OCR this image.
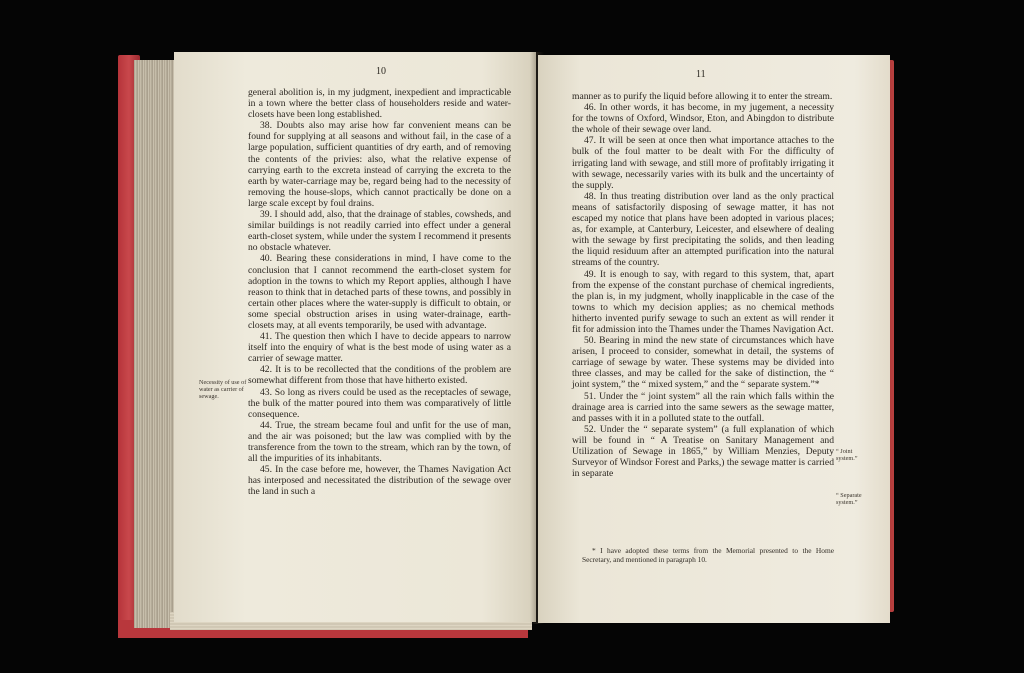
10

general abolition is, in my judgment, inexpedient and impracticable in a town where the better class of householders reside and water-closets have been long established.

38. Doubts also may arise how far convenient means can be found for supplying at all seasons and without fail, in the case of a large population, sufficient quantities of dry earth, and of removing the contents of the privies: also, what the relative expense of carrying earth to the excreta instead of carrying the excreta to the earth by water-carriage may be, regard being had to the necessity of removing the house-slops, which cannot practically be done on a large scale except by foul drains.

39. I should add, also, that the drainage of stables, cowsheds, and similar buildings is not readily carried into effect under a general earth-closet system, while under the system I recommend it presents no obstacle whatever.

40. Bearing these considerations in mind, I have come to the conclusion that I cannot recommend the earth-closet system for adoption in the towns to which my Report applies, although I have reason to think that in detached parts of these towns, and possibly in certain other places where the water-supply is difficult to obtain, or some special obstruction arises in using water-drainage, earth-closets may, at all events temporarily, be used with advantage.

41. The question then which I have to decide appears to narrow itself into the enquiry of what is the best mode of using water as a carrier of sewage matter.

42. It is to be recollected that the conditions of the problem are somewhat different from those that have hitherto existed.

43. So long as rivers could be used as the receptacles of sewage, the bulk of the matter poured into them was comparatively of little consequence.

44. True, the stream became foul and unfit for the use of man, and the air was poisoned; but the law was complied with by the transference from the town to the stream, which ran by the town, of all the impurities of its inhabitants.

45. In the case before me, however, the Thames Navigation Act has interposed and necessitated the distribution of the sewage over the land in such a

Necessity of use of water as carrier of sewage.
11

manner as to purify the liquid before allowing it to enter the stream.

46. In other words, it has become, in my jugement, a necessity for the towns of Oxford, Windsor, Eton, and Abingdon to distribute the whole of their sewage over land.

47. It will be seen at once then what importance attaches to the bulk of the foul matter to be dealt with For the difficulty of irrigating land with sewage, and still more of profitably irrigating it with sewage, necessarily varies with its bulk and the uncertainty of the supply.

48. In thus treating distribution over land as the only practical means of satisfactorily disposing of sewage matter, it has not escaped my notice that plans have been adopted in various places; as, for example, at Canterbury, Leicester, and elsewhere of dealing with the sewage by first precipitating the solids, and then leading the liquid residuum after an attempted purification into the natural streams of the country.

49. It is enough to say, with regard to this system, that, apart from the expense of the constant purchase of chemical ingredients, the plan is, in my judgment, wholly inapplicable in the case of the towns to which my decision applies; as no chemical methods hitherto invented purify sewage to such an extent as will render it fit for admission into the Thames under the Thames Navigation Act.

50. Bearing in mind the new state of circumstances which have arisen, I proceed to consider, somewhat in detail, the systems of carriage of sewage by water. These systems may be divided into three classes, and may be called for the sake of distinction, the “ joint system,” the “ mixed system,” and the “ separate system.”*

51. Under the “ joint system” all the rain which falls within the drainage area is carried into the same sewers as the sewage matter, and passes with it in a polluted state to the outfall.

52. Under the “ separate system” (a full explanation of which will be found in “ A Treatise on Sanitary Management and Utilization of Sewage in 1865,” by William Menzies, Deputy Surveyor of Windsor Forest and Parks,) the sewage matter is carried in separate

* I have adopted these terms from the Memorial presented to the Home Secretary, and mentioned in paragraph 10.

“ Joint system.”
“ Separate system.”
